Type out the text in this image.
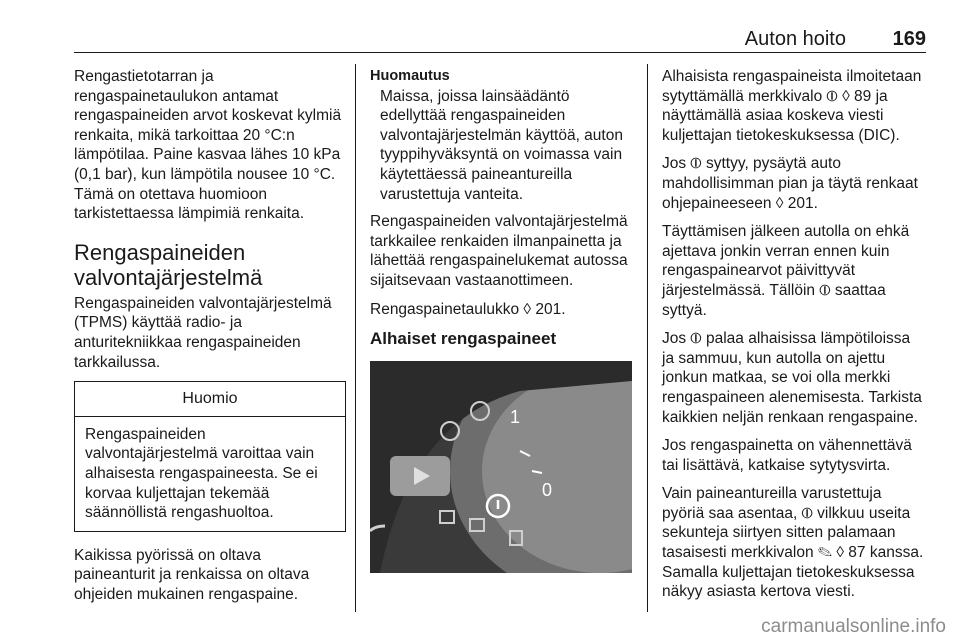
Auton hoito 169

Rengastietotarran ja rengaspainetaulukon antamat rengaspaineiden arvot koskevat kylmiä renkaita, mikä tarkoittaa 20 °C:n lämpötilaa. Paine kasvaa lähes 10 kPa (0,1 bar), kun lämpötila nousee 10 °C. Tämä on otettava huomioon tarkistettaessa lämpimiä renkaita.

Rengaspaineiden valvontajärjestelmä

Rengaspaineiden valvontajärjestelmä (TPMS) käyttää radio- ja anturitekniikkaa rengaspaineiden tarkkailussa.

Huomio
Rengaspaineiden valvontajärjestelmä varoittaa vain alhaisesta rengaspaineesta. Se ei korvaa kuljettajan tekemää säännöllistä rengashuoltoa.

Kaikissa pyörissä on oltava paineanturit ja renkaissa on oltava ohjeiden mukainen rengaspaine.

Huomautus
Maissa, joissa lainsäädäntö edellyttää rengaspaineiden valvontajärjestelmän käyttöä, auton tyyppihyväksyntä on voimassa vain käytettäessä paineantureilla varustettuja vanteita.

Rengaspaineiden valvontajärjestelmä tarkkailee renkaiden ilmanpainetta ja lähettää rengaspainelukemat autossa sijaitsevaan vastaanottimeen.

Rengaspainetaulukko ◊ 201.

Alhaiset rengaspaineet
1
0

Alhaisista rengaspaineista ilmoitetaan sytyttämällä merkkivalo ⦶ ◊ 89 ja näyttämällä asiaa koskeva viesti kuljettajan tietokeskuksessa (DIC).

Jos ⦶ syttyy, pysäytä auto mahdollisimman pian ja täytä renkaat ohjepaineeseen ◊ 201.

Täyttämisen jälkeen autolla on ehkä ajettava jonkin verran ennen kuin rengaspainearvot päivittyvät järjestelmässä. Tällöin ⦶ saattaa syttyä.

Jos ⦶ palaa alhaisissa lämpötiloissa ja sammuu, kun autolla on ajettu jonkun matkaa, se voi olla merkki rengaspaineen alenemisesta. Tarkista kaikkien neljän renkaan rengaspaine.

Jos rengaspainetta on vähennettävä tai lisättävä, katkaise sytytysvirta.

Vain paineantureilla varustettuja pyöriä saa asentaa, ⦶ vilkkuu useita sekunteja siirtyen sitten palamaan tasaisesti merkkivalon ✎ ◊ 87 kanssa. Samalla kuljettajan tietokeskuksessa näkyy asiasta kertova viesti.

carmanualsonline.info
